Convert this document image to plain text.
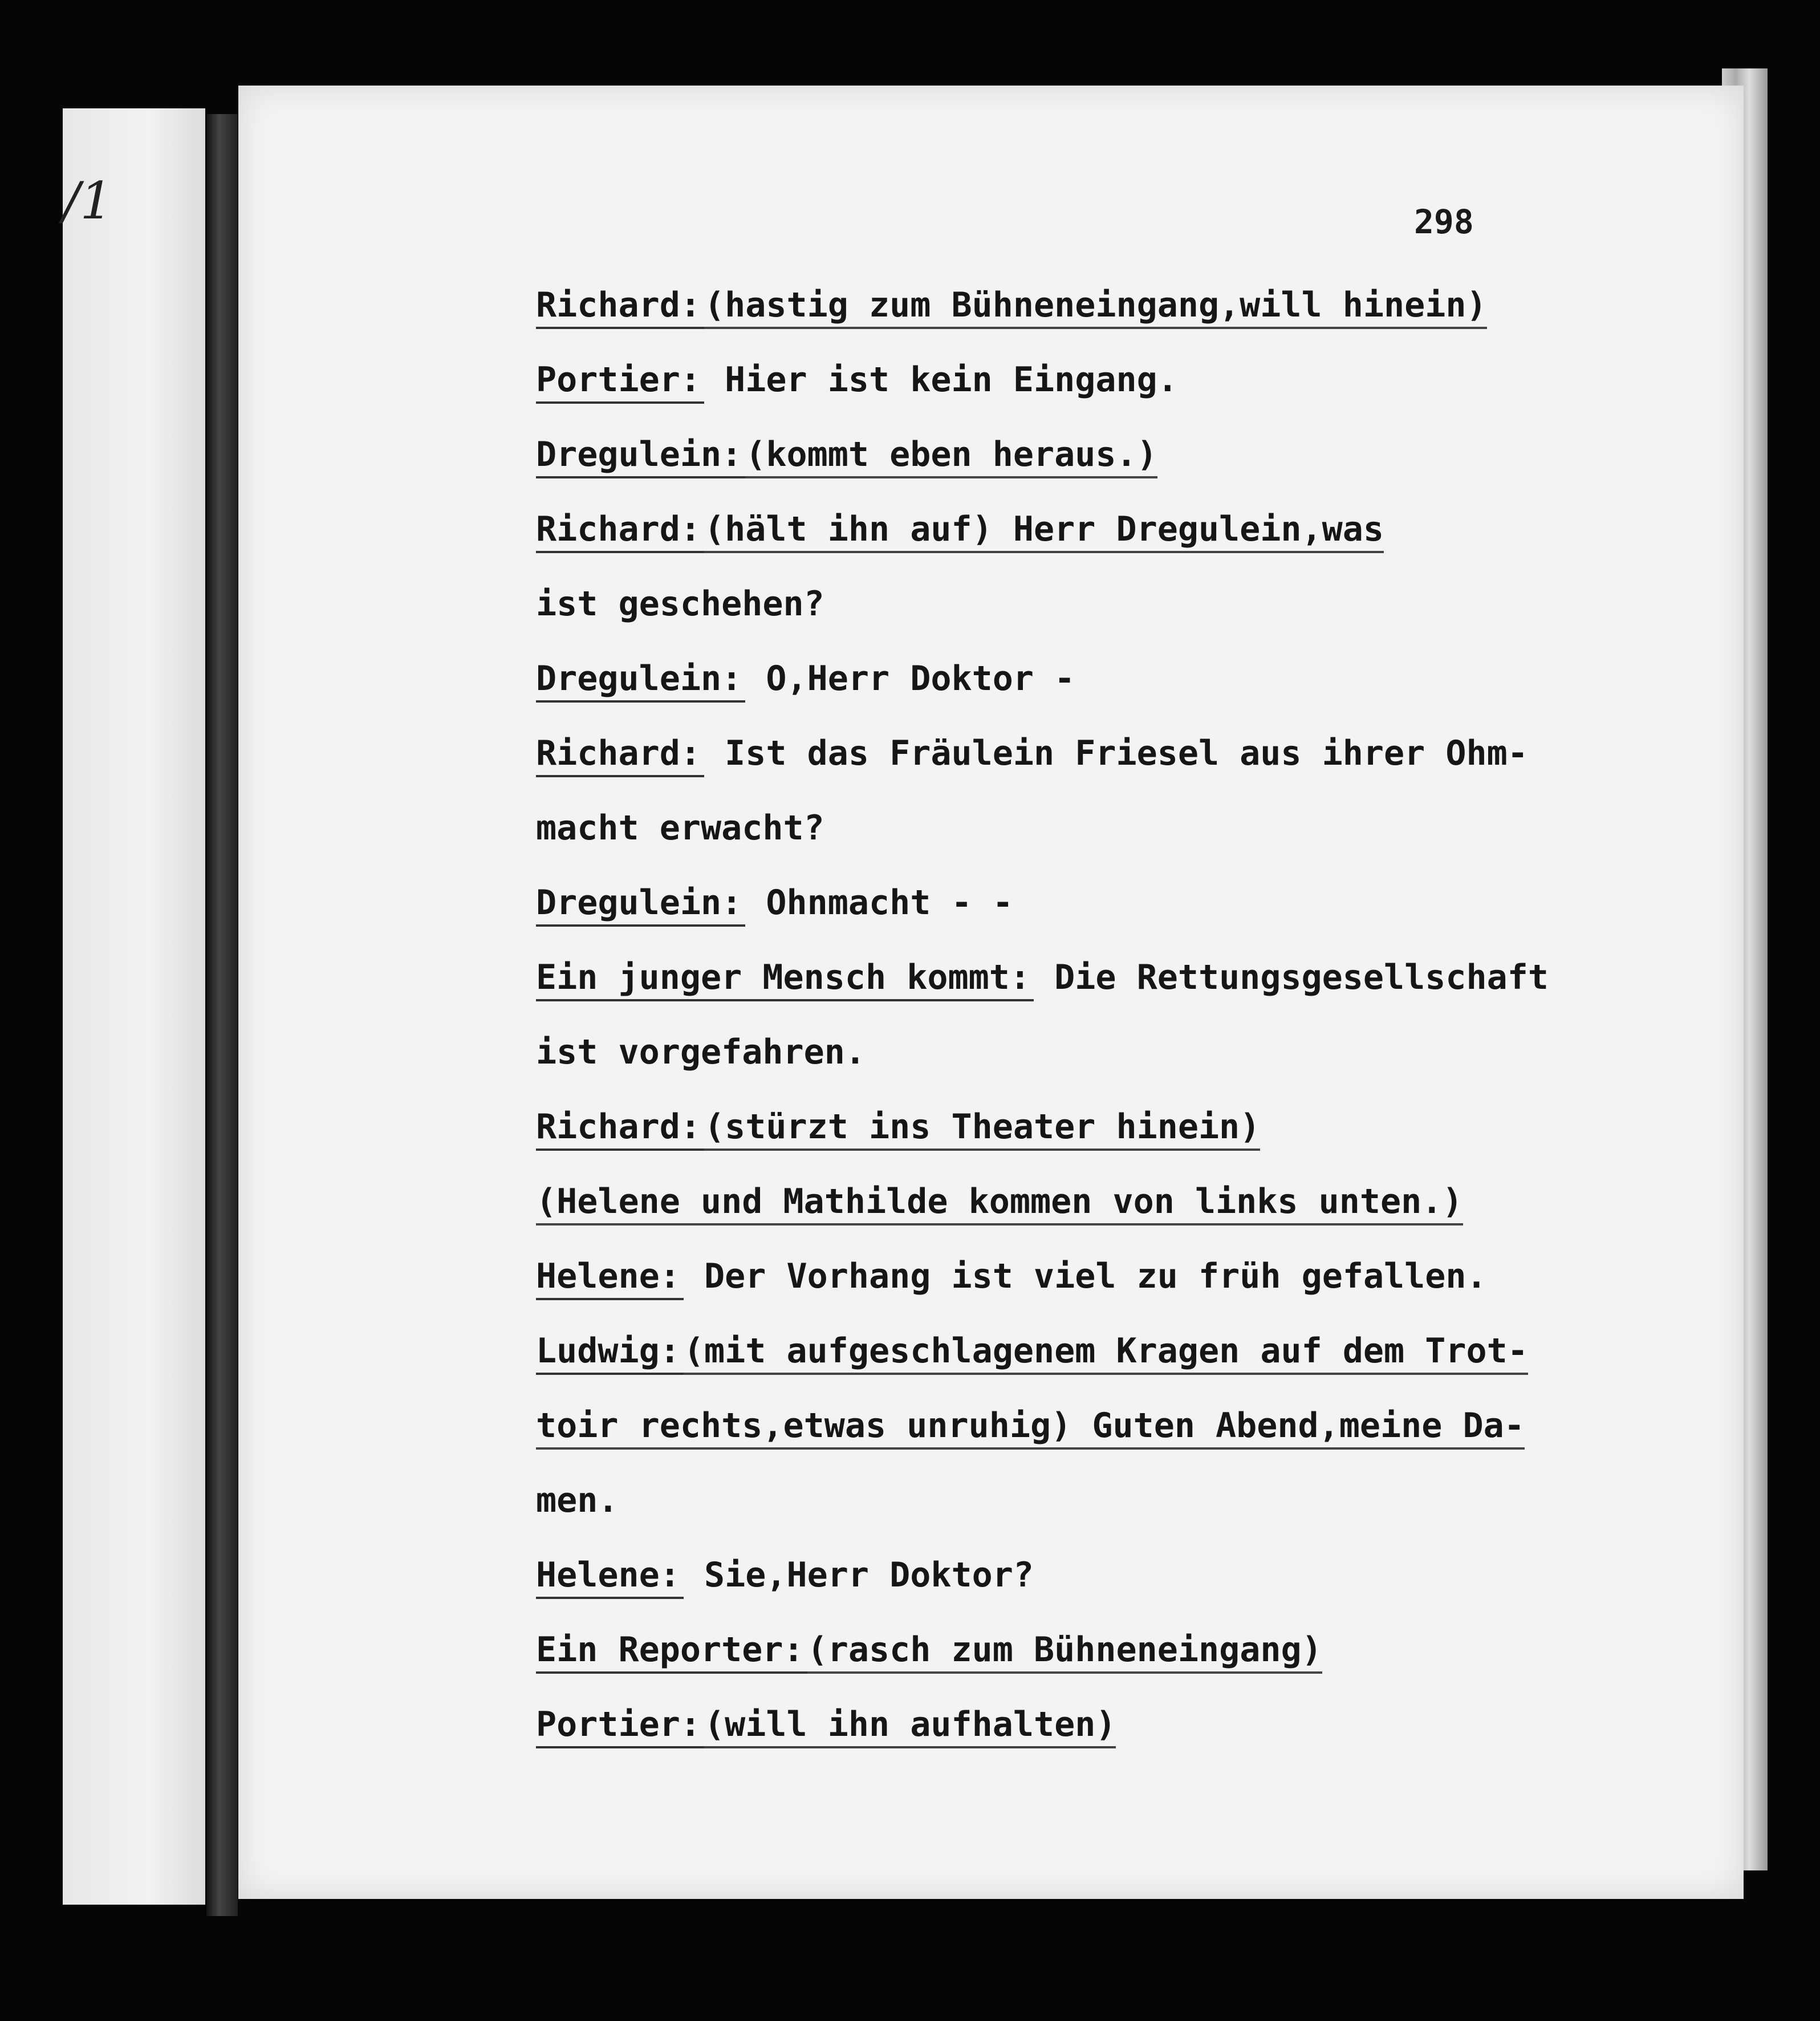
/1	298
Richard: (hastig zum Bühneneingang,will hinein)
Portier: Hier ist kein Eingang.
Dregulein: (kommt eben heraus.)
Richard: (hält ihn auf) Herr Dregulein,was
ist geschehen?
Dregulein: O,Herr Doktor -
Richard: Ist das Fräulein Friesel aus ihrer Ohm-
macht erwacht?
Dregulein: Ohnmacht - -
Ein junger Mensch kommt: Die Rettungsgesellschaft
ist vorgefahren.
Richard: (stürzt ins Theater hinein)
(Helene und Mathilde kommen von links unten.)
Helene: Der Vorhang ist viel zu früh gefallen.
Ludwig: (mit aufgeschlagenem Kragen auf dem Trot-
toir rechts,etwas unruhig) Guten Abend,meine Da-
men.
Helene: Sie,Herr Doktor?
Ein Reporter: (rasch zum Bühneneingang)
Portier: (will ihn aufhalten)
